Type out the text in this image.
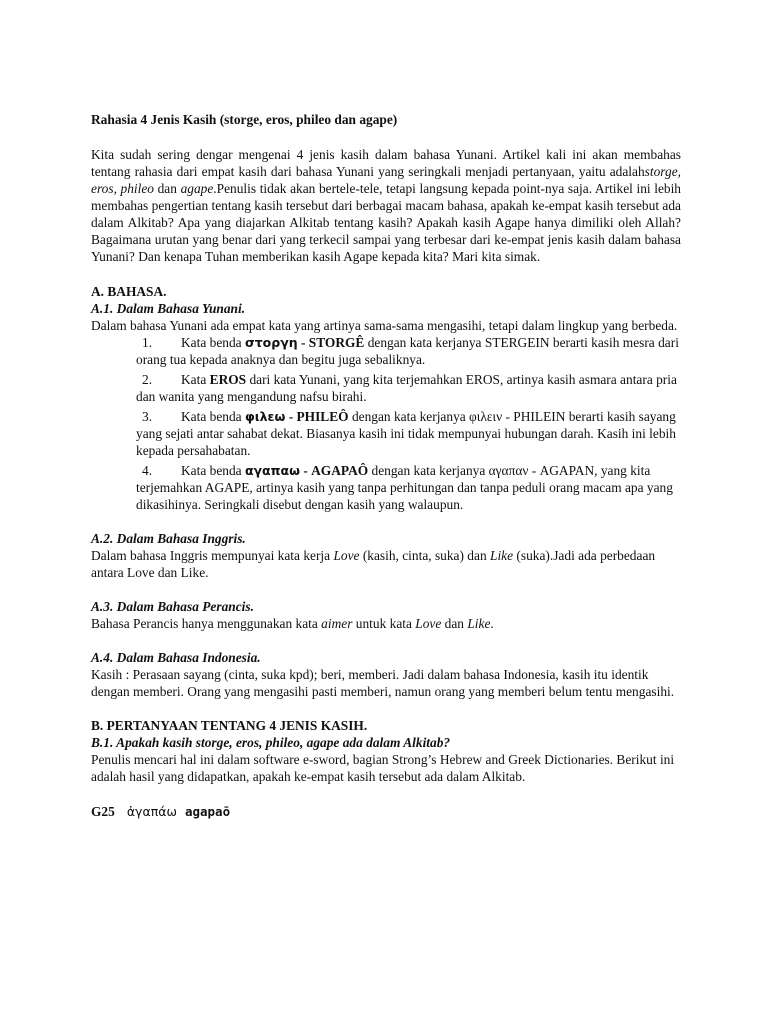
Rahasia 4 Jenis Kasih (storge, eros, phileo dan agape)

Kita sudah sering dengar mengenai 4 jenis kasih dalam bahasa Yunani. Artikel kali ini akan membahas tentang rahasia dari empat kasih dari bahasa Yunani yang seringkali menjadi pertanyaan, yaitu adalahstorge, eros, phileo dan agape.Penulis tidak akan bertele-tele, tetapi langsung kepada point-nya saja. Artikel ini lebih membahas pengertian tentang kasih tersebut dari berbagai macam bahasa, apakah ke-empat kasih tersebut ada dalam Alkitab? Apa yang diajarkan Alkitab tentang kasih? Apakah kasih Agape hanya dimiliki oleh Allah? Bagaimana urutan yang benar dari yang terkecil sampai yang terbesar dari ke-empat jenis kasih dalam bahasa Yunani? Dan kenapa Tuhan memberikan kasih Agape kepada kita? Mari kita simak.

A. BAHASA.

A.1. Dalam Bahasa Yunani.

Dalam bahasa Yunani ada empat kata yang artinya sama-sama mengasihi, tetapi dalam lingkup yang berbeda.

1. Kata benda στοργη - STORGÊ dengan kata kerjanya STERGEIN berarti kasih mesra dari orang tua kepada anaknya dan begitu juga sebaliknya.
2. Kata EROS dari kata Yunani, yang kita terjemahkan EROS, artinya kasih asmara antara pria dan wanita yang mengandung nafsu birahi.
3. Kata benda φιλεω - PHILEÔ dengan kata kerjanya φιλειν - PHILEIN berarti kasih sayang yang sejati antar sahabat dekat. Biasanya kasih ini tidak mempunyai hubungan darah. Kasih ini lebih kepada persahabatan.
4. Kata benda αγαπαω - AGAPAÔ dengan kata kerjanya αγαπαν - AGAPAN, yang kita terjemahkan AGAPE, artinya kasih yang tanpa perhitungan dan tanpa peduli orang macam apa yang dikasihinya. Seringkali disebut dengan kasih yang walaupun.

A.2. Dalam Bahasa Inggris.

Dalam bahasa Inggris mempunyai kata kerja Love (kasih, cinta, suka) dan Like (suka).Jadi ada perbedaan antara Love dan Like.

A.3. Dalam Bahasa Perancis.

Bahasa Perancis hanya menggunakan kata aimer untuk kata Love dan Like.

A.4. Dalam Bahasa Indonesia.

Kasih : Perasaan sayang (cinta, suka kpd); beri, memberi. Jadi dalam bahasa Indonesia, kasih itu identik dengan memberi. Orang yang mengasihi pasti memberi, namun orang yang memberi belum tentu mengasihi.

B. PERTANYAAN TENTANG 4 JENIS KASIH.

B.1. Apakah kasih storge, eros, phileo, agape ada dalam Alkitab?

Penulis mencari hal ini dalam software e-sword, bagian Strong’s Hebrew and Greek Dictionaries. Berikut ini adalah hasil yang didapatkan, apakah ke-empat kasih tersebut ada dalam Alkitab.

G25 ἀγαπάω agapaō
